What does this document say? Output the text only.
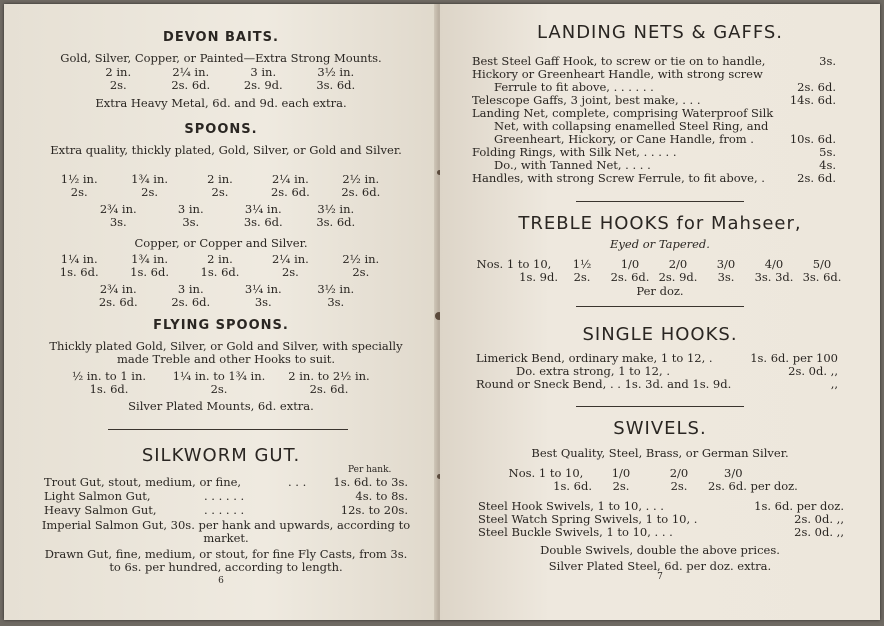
DEVON BAITS.
Gold, Silver, Copper, or Painted—Extra Strong Mounts.
2 in.	2¼ in.	3 in.	3½ in.
2s.	2s. 6d.	2s. 9d.	3s. 6d.
Extra Heavy Metal, 6d. and 9d. each extra.
SPOONS.
Extra quality, thickly plated, Gold, Silver, or Gold and Silver.
1½ in.	1¾ in.	2 in.	2¼ in.	2½ in.
2s.	2s.	2s.	2s. 6d.	2s. 6d.
2¾ in.	3 in.	3¼ in.	3½ in.
3s.	3s.	3s. 6d.	3s. 6d.
Copper, or Copper and Silver.
1¼ in.	1¾ in.	2 in.	2¼ in.	2½ in.
1s. 6d.	1s. 6d.	1s. 6d.	2s.	2s.
2¾ in.	3 in.	3¼ in.	3½ in.
2s. 6d.	2s. 6d.	3s.	3s.
FLYING SPOONS.
Thickly plated Gold, Silver, or Gold and Silver, with specially made Treble and other Hooks to suit.
½ in. to 1 in.	1¼ in. to 1¾ in.	2 in. to 2½ in.
1s. 6d.	2s.	2s. 6d.
Silver Plated Mounts, 6d. extra.
SILKWORM GUT.
Per hank.
Trout Gut, stout, medium, or fine,	. . . 1s. 6d. to 3s.
Light Salmon Gut,	. . . . . .	4s. to 8s.
Heavy Salmon Gut,	. . . . . .	12s. to 20s.
Imperial Salmon Gut, 30s. per hank and upwards, according to market.
Drawn Gut, fine, medium, or stout, for fine Fly Casts, from 3s. to 6s. per hundred, according to length.
6
LANDING NETS & GAFFS.
Best Steel Gaff Hook, to screw or tie on to handle,	3s.
Hickory or Greenheart Handle, with strong screw
Ferrule to fit above, . . . . . .	2s. 6d.
Telescope Gaffs, 3 joint, best make, . . .	14s. 6d.
Landing Net, complete, comprising Waterproof Silk
Net, with collapsing enamelled Steel Ring, and
Greenheart, Hickory, or Cane Handle, from .	10s. 6d.
Folding Rings, with Silk Net, . . . . .	5s.
Do., with Tanned Net, . . . .	4s.
Handles, with strong Screw Ferrule, to fit above, .	2s. 6d.
TREBLE HOOKS for Mahseer,
Eyed or Tapered.
Nos. 1 to 10,	1½	1/0	2/0	3/0	4/0	5/0
1s. 9d.	2s.	2s. 6d. 2s. 9d.	3s.	3s. 3d. 3s. 6d.
Per doz.
SINGLE HOOKS.
Limerick Bend, ordinary make, 1 to 12, .	1s. 6d. per 100
Do. extra strong, 1 to 12, .	2s. 0d. ,,
Round or Sneck Bend, . . 1s. 3d. and 1s. 9d.	,,
SWIVELS.
Best Quality, Steel, Brass, or German Silver.
Nos. 1 to 10,	1/0	2/0	3/0
1s. 6d.	2s.	2s.	2s. 6d. per doz.
Steel Hook Swivels, 1 to 10, . . .	1s. 6d. per doz.
Steel Watch Spring Swivels, 1 to 10, .	2s. 0d. ,,
Steel Buckle Swivels, 1 to 10, . . .	2s. 0d. ,,
Double Swivels, double the above prices.
Silver Plated Steel, 6d. per doz. extra.
7
